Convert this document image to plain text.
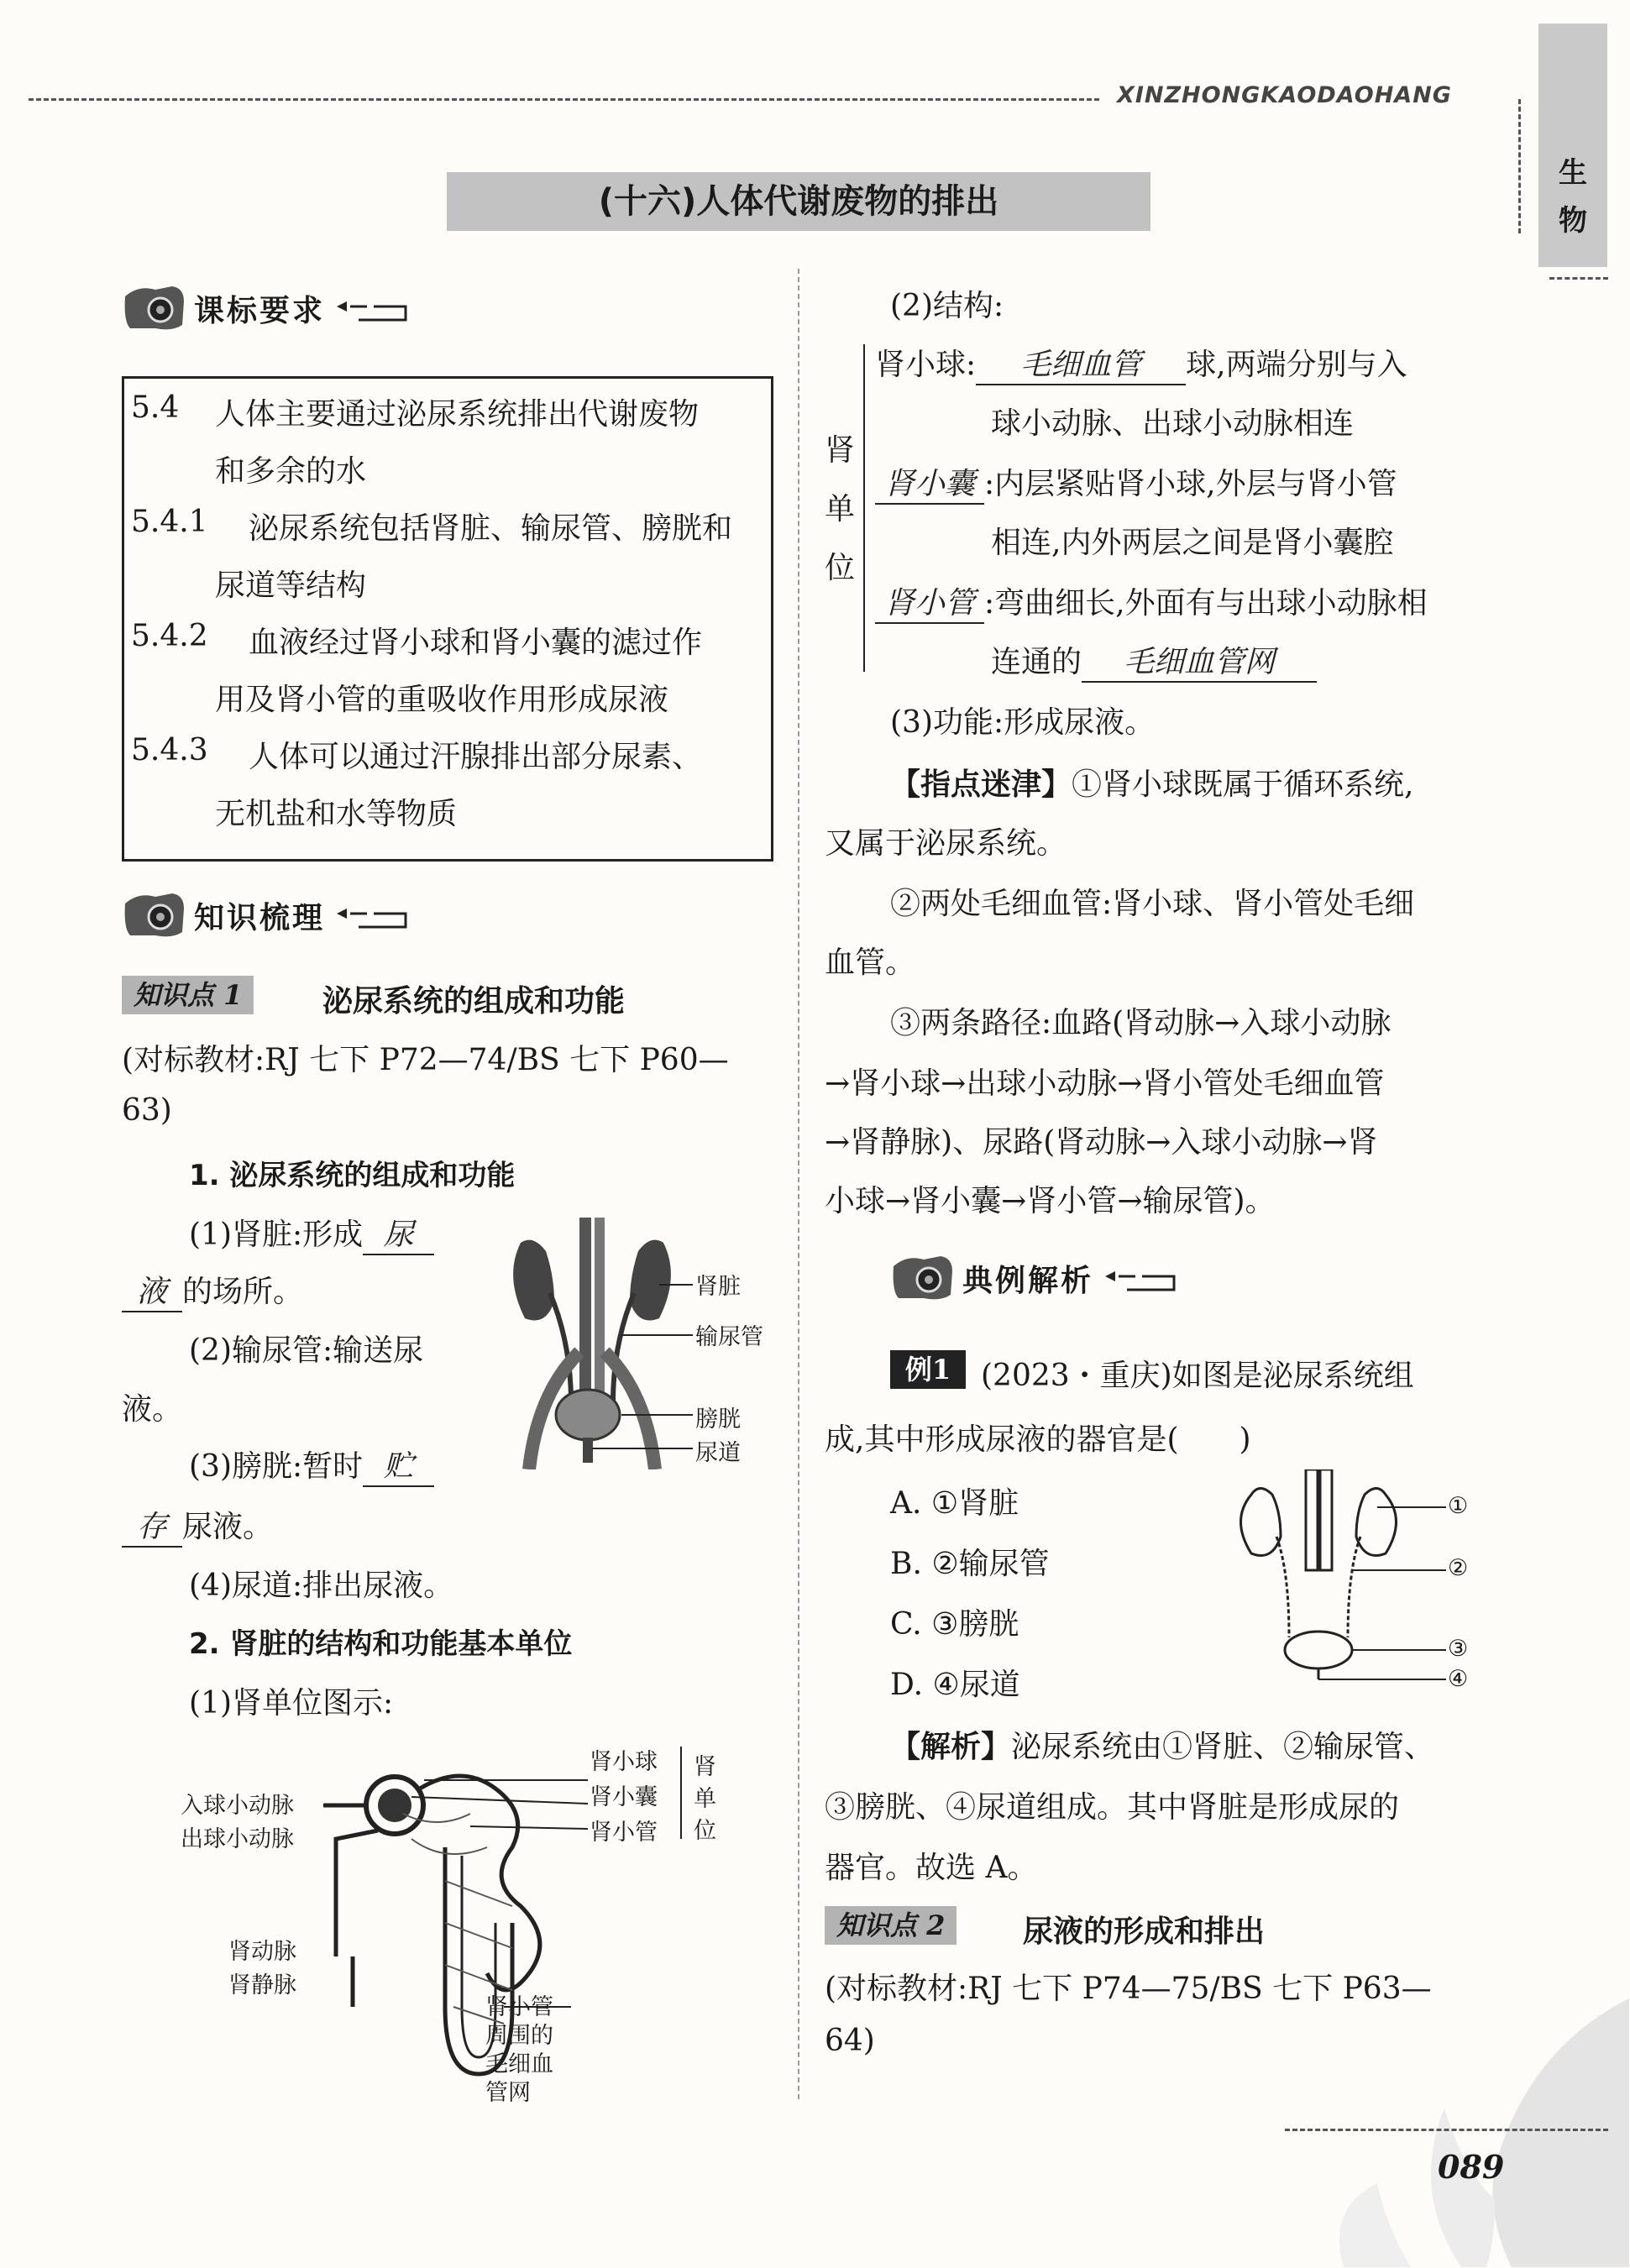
XINZHONGKAODAOHANG
生
物
(十六)人体代谢废物的排出
课标要求
5.4 人体主要通过泌尿系统排出代谢废物
和多余的水
5.4.1 泌尿系统包括肾脏、输尿管、膀胱和
尿道等结构
5.4.2 血液经过肾小球和肾小囊的滤过作
用及肾小管的重吸收作用形成尿液
5.4.3 人体可以通过汗腺排出部分尿素、
无机盐和水等物质
知识梳理
知识点 1	泌尿系统的组成和功能
(对标教材:RJ 七下 P72—74/BS 七下 P60—
63)
1. 泌尿系统的组成和功能
(1)肾脏:形成 尿
液 的场所。
(2)输尿管:输送尿
液。
(3)膀胱:暂时 贮
存 尿液。
(4)尿道:排出尿液。
肾脏
输尿管
膀胱
尿道
2. 肾脏的结构和功能基本单位
(1)肾单位图示:
入球小动脉
出球小动脉
肾动脉
肾静脉
肾小球
肾小囊
肾小管
肾
单
位
肾小管
周围的
毛细血
管网
(2)结构:
肾
单
位
肾小球: 毛细血管 球,两端分别与入
球小动脉、出球小动脉相连
肾小囊 :内层紧贴肾小球,外层与肾小管
相连,内外两层之间是肾小囊腔
肾小管 :弯曲细长,外面有与出球小动脉相
连通的 毛细血管网
(3)功能:形成尿液。
【指点迷津】①肾小球既属于循环系统,
又属于泌尿系统。
②两处毛细血管:肾小球、肾小管处毛细
血管。
③两条路径:血路(肾动脉→入球小动脉
→肾小球→出球小动脉→肾小管处毛细血管
→肾静脉)、尿路(肾动脉→入球小动脉→肾
小球→肾小囊→肾小管→输尿管)。
典例解析
例1 (2023・重庆)如图是泌尿系统组
成,其中形成尿液的器官是(　　)
A. ①肾脏
B. ②输尿管
C. ③膀胱
D. ④尿道
①
②
③
④
【解析】泌尿系统由①肾脏、②输尿管、
③膀胱、④尿道组成。其中肾脏是形成尿的
器官。故选 A。
知识点 2	尿液的形成和排出
(对标教材:RJ 七下 P74—75/BS 七下 P63—
64)
089
